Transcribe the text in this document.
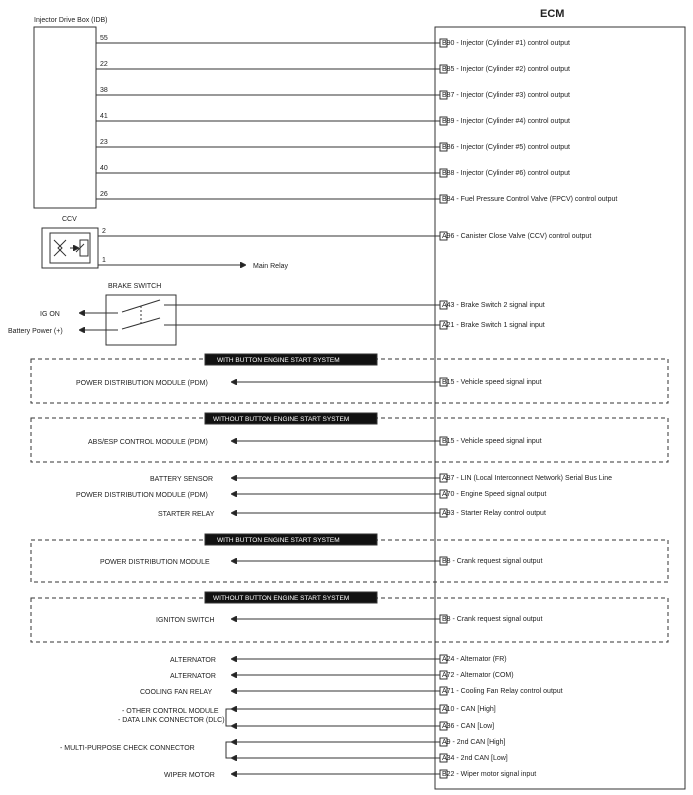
ECM
Injector Drive Box (IDB)
55
B90 - Injector (Cylinder #1) control output
22
B85 - Injector (Cylinder #2) control output
38
B87 - Injector (Cylinder #3) control output
41
B89 - Injector (Cylinder #4) control output
23
B86 - Injector (Cylinder #5) control output
40
B88 - Injector (Cylinder #6) control output
26
B84 - Fuel Pressure Control Valve (FPCV) control output
CCV
2
A96 - Canister Close Valve (CCV) control output
1
Main Relay
BRAKE SWITCH
IG ON
Battery Power (+)
A43 - Brake Switch 2 signal input
A21 - Brake Switch 1 signal input
WITH BUTTON ENGINE START SYSTEM
POWER DISTRIBUTION MODULE (PDM)	B15 - Vehicle speed signal input
WITHOUT BUTTON ENGINE START SYSTEM
ABS/ESP CONTROL MODULE (PDM)	B15 - Vehicle speed signal input
BATTERY SENSOR	A87 - LIN (Local Interconnect Network) Serial Bus Line
POWER DISTRIBUTION MODULE (PDM)	A70 - Engine Speed signal output
STARTER RELAY	A93 - Starter Relay control output
WITH BUTTON ENGINE START SYSTEM
POWER DISTRIBUTION MODULE	B8 - Crank request signal output
WITHOUT BUTTON ENGINE START SYSTEM
IGNITON SWITCH	B8 - Crank request signal output
ALTERNATOR	A24 - Alternator (FR)
ALTERNATOR	A72 - Alternator (COM)
COOLING FAN RELAY	A71 - Cooling Fan Relay control output
- OTHER CONTROL MODULE
- DATA LINK CONNECTOR (DLC)
A10 - CAN [High]
A36 - CAN [Low]
- MULTI-PURPOSE CHECK CONNECTOR
A9 - 2nd CAN [High]
A34 - 2nd CAN [Low]
WIPER MOTOR	B22 - Wiper motor signal input
